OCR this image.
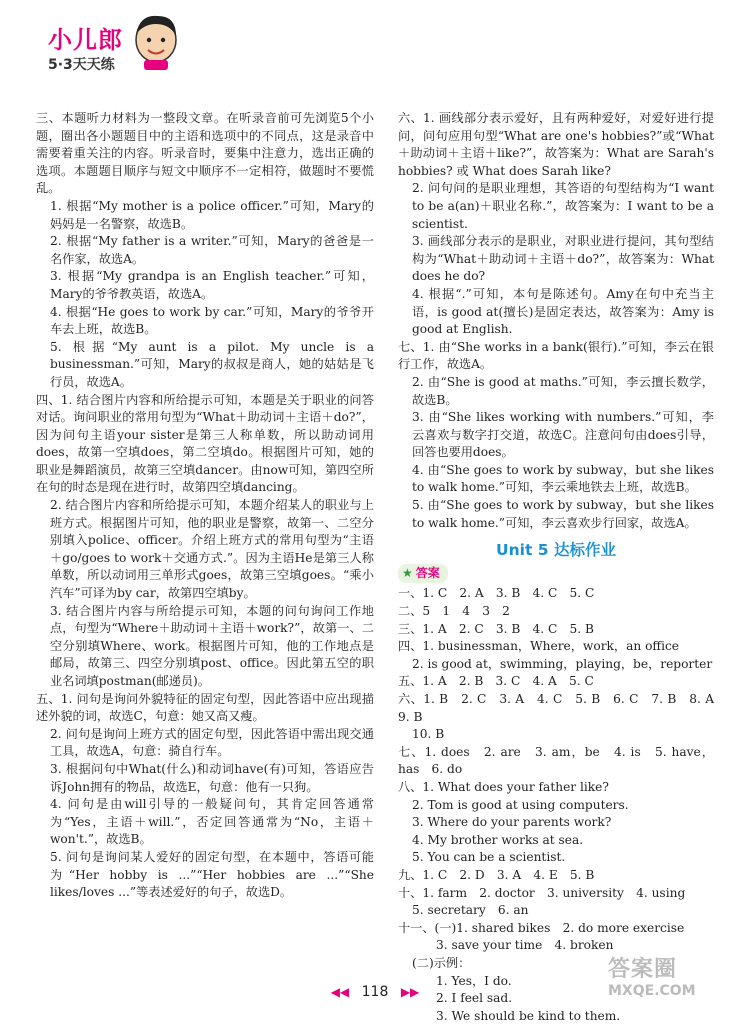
小儿郎
5·3天天练

三、本题听力材料为一整段文章。在听录音前可先浏览5个小题，圈出各小题题目中的主语和选项中的不同点，这是录音中需要着重关注的内容。听录音时，要集中注意力，选出正确的选项。本题题目顺序与短文中顺序不一定相符，做题时不要慌乱。

1. 根据“My mother is a police officer.”可知，Mary的妈妈是一名警察，故选B。

2. 根据“My father is a writer.”可知，Mary的爸爸是一名作家，故选A。

3. 根据“My grandpa is an English teacher.”可知，Mary的爷爷教英语，故选A。

4. 根据“He goes to work by car.”可知，Mary的爷爷开车去上班，故选B。

5. 根据“My aunt is a pilot. My uncle is a businessman.”可知，Mary的叔叔是商人，她的姑姑是飞行员，故选A。

四、1. 结合图片内容和所给提示可知，本题是关于职业的问答对话。询问职业的常用句型为“What＋助动词＋主语＋do?”，因为问句主语your sister是第三人称单数，所以助动词用does，故第一空填does，第二空填do。根据图片可知，她的职业是舞蹈演员，故第三空填dancer。由now可知，第四空所在句的时态是现在进行时，故第四空填dancing。

2. 结合图片内容和所给提示可知，本题介绍某人的职业与上班方式。根据图片可知，他的职业是警察，故第一、二空分别填入police、officer。介绍上班方式的常用句型为“主语＋go/goes to work＋交通方式.”。因为主语He是第三人称单数，所以动词用三单形式goes，故第三空填goes。“乘小汽车”可译为by car，故第四空填by。

3. 结合图片内容与所给提示可知，本题的问句询问工作地点，句型为“Where＋助动词＋主语＋work?”，故第一、二空分别填Where、work。根据图片可知，他的工作地点是邮局，故第三、四空分别填post、office。因此第五空的职业名词填postman(邮递员)。

五、1. 问句是询问外貌特征的固定句型，因此答语中应出现描述外貌的词，故选C，句意：她又高又瘦。

2. 问句是询问上班方式的固定句型，因此答语中需出现交通工具，故选A，句意：骑自行车。

3. 根据问句中What(什么)和动词have(有)可知，答语应告诉John拥有的物品，故选E，句意：他有一只狗。

4. 问句是由will引导的一般疑问句，其肯定回答通常为“Yes，主语＋will.”，否定回答通常为“No，主语＋won't.”，故选B。

5. 问句是询问某人爱好的固定句型，在本题中，答语可能为“Her hobby is ...”“Her hobbies are ...”“She likes/loves ...”等表述爱好的句子，故选D。

六、1. 画线部分表示爱好，且有两种爱好，对爱好进行提问，问句应用句型“What are one's hobbies?”或“What＋助动词＋主语＋like?”，故答案为：What are Sarah's hobbies? 或 What does Sarah like?

2. 问句问的是职业理想，其答语的句型结构为“I want to be a(an)＋职业名称.”，故答案为：I want to be a scientist.

3. 画线部分表示的是职业，对职业进行提问，其句型结构为“What＋助动词＋主语＋do?”，故答案为：What does he do?

4. 根据“.”可知，本句是陈述句。Amy在句中充当主语，is good at(擅长)是固定表达，故答案为：Amy is good at English.

七、1. 由“She works in a bank(银行).”可知，李云在银行工作，故选A。

2. 由“She is good at maths.”可知，李云擅长数学，故选B。

3. 由“She likes working with numbers.”可知，李云喜欢与数字打交道，故选C。注意问句由does引导，回答也要用does。

4. 由“She goes to work by subway，but she likes to walk home.”可知，李云乘地铁去上班，故选B。

5. 由“She goes to work by subway，but she likes to walk home.”可知，李云喜欢步行回家，故选A。

Unit 5 达标作业
★ 答案

一、1. C　2. A　3. B　4. C　5. C

二、5　1　4　3　2

三、1. A　2. C　3. B　4. C　5. B

四、1. businessman，Where，work，an office

2. is good at，swimming，playing，be，reporter

五、1. A　2. B　3. C　4. A　5. C

六、1. B　2. C　3. A　4. C　5. B　6. C　7. B　8. A　9. B

10. B

七、1. does　2. are　3. am，be　4. is　5. have，has　6. do

八、1. What does your father like?

2. Tom is good at using computers.

3. Where do your parents work?

4. My brother works at sea.

5. You can be a scientist.

九、1. C　2. D　3. A　4. E　5. B

十、1. farm　2. doctor　3. university　4. using

5. secretary　6. an

十一、(一)1. shared bikes　2. do more exercise

3. save your time　4. broken

(二)示例：

1. Yes，I do.

2. I feel sad.

3. We should be kind to them.

◀◀ 118 ▶▶
答案圈
MXQE.COM
